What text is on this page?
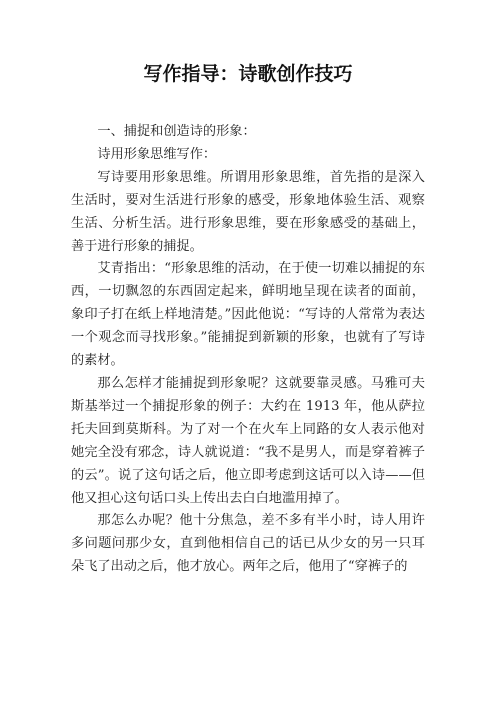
写作指导：诗歌创作技巧

一、捕捉和创造诗的形象：

诗用形象思维写作：

写诗要用形象思维。所谓用形象思维，首先指的是深入生活时，要对生活进行形象的感受，形象地体验生活、观察生活、分析生活。进行形象思维，要在形象感受的基础上，善于进行形象的捕捉。

艾青指出：“形象思维的活动，在于使一切难以捕捉的东西，一切飘忽的东西固定起来，鲜明地呈现在读者的面前，象印子打在纸上样地清楚。”因此他说：“写诗的人常常为表达一个观念而寻找形象。”能捕捉到新颖的形象，也就有了写诗的素材。

那么怎样才能捕捉到形象呢？这就要靠灵感。马雅可夫斯基举过一个捕捉形象的例子：大约在 1913 年，他从萨拉托夫回到莫斯科。为了对一个在火车上同路的女人表示他对她完全没有邪念，诗人就说道：“我不是男人，而是穿着裤子的云”。说了这句话之后，他立即考虑到这话可以入诗——但他又担心这句话口头上传出去白白地滥用掉了。

那怎么办呢？他十分焦急，差不多有半小时，诗人用许多问题问那少女，直到他相信自己的话已从少女的另一只耳朵飞了出动之后，他才放心。两年之后，他用了“穿裤子的
